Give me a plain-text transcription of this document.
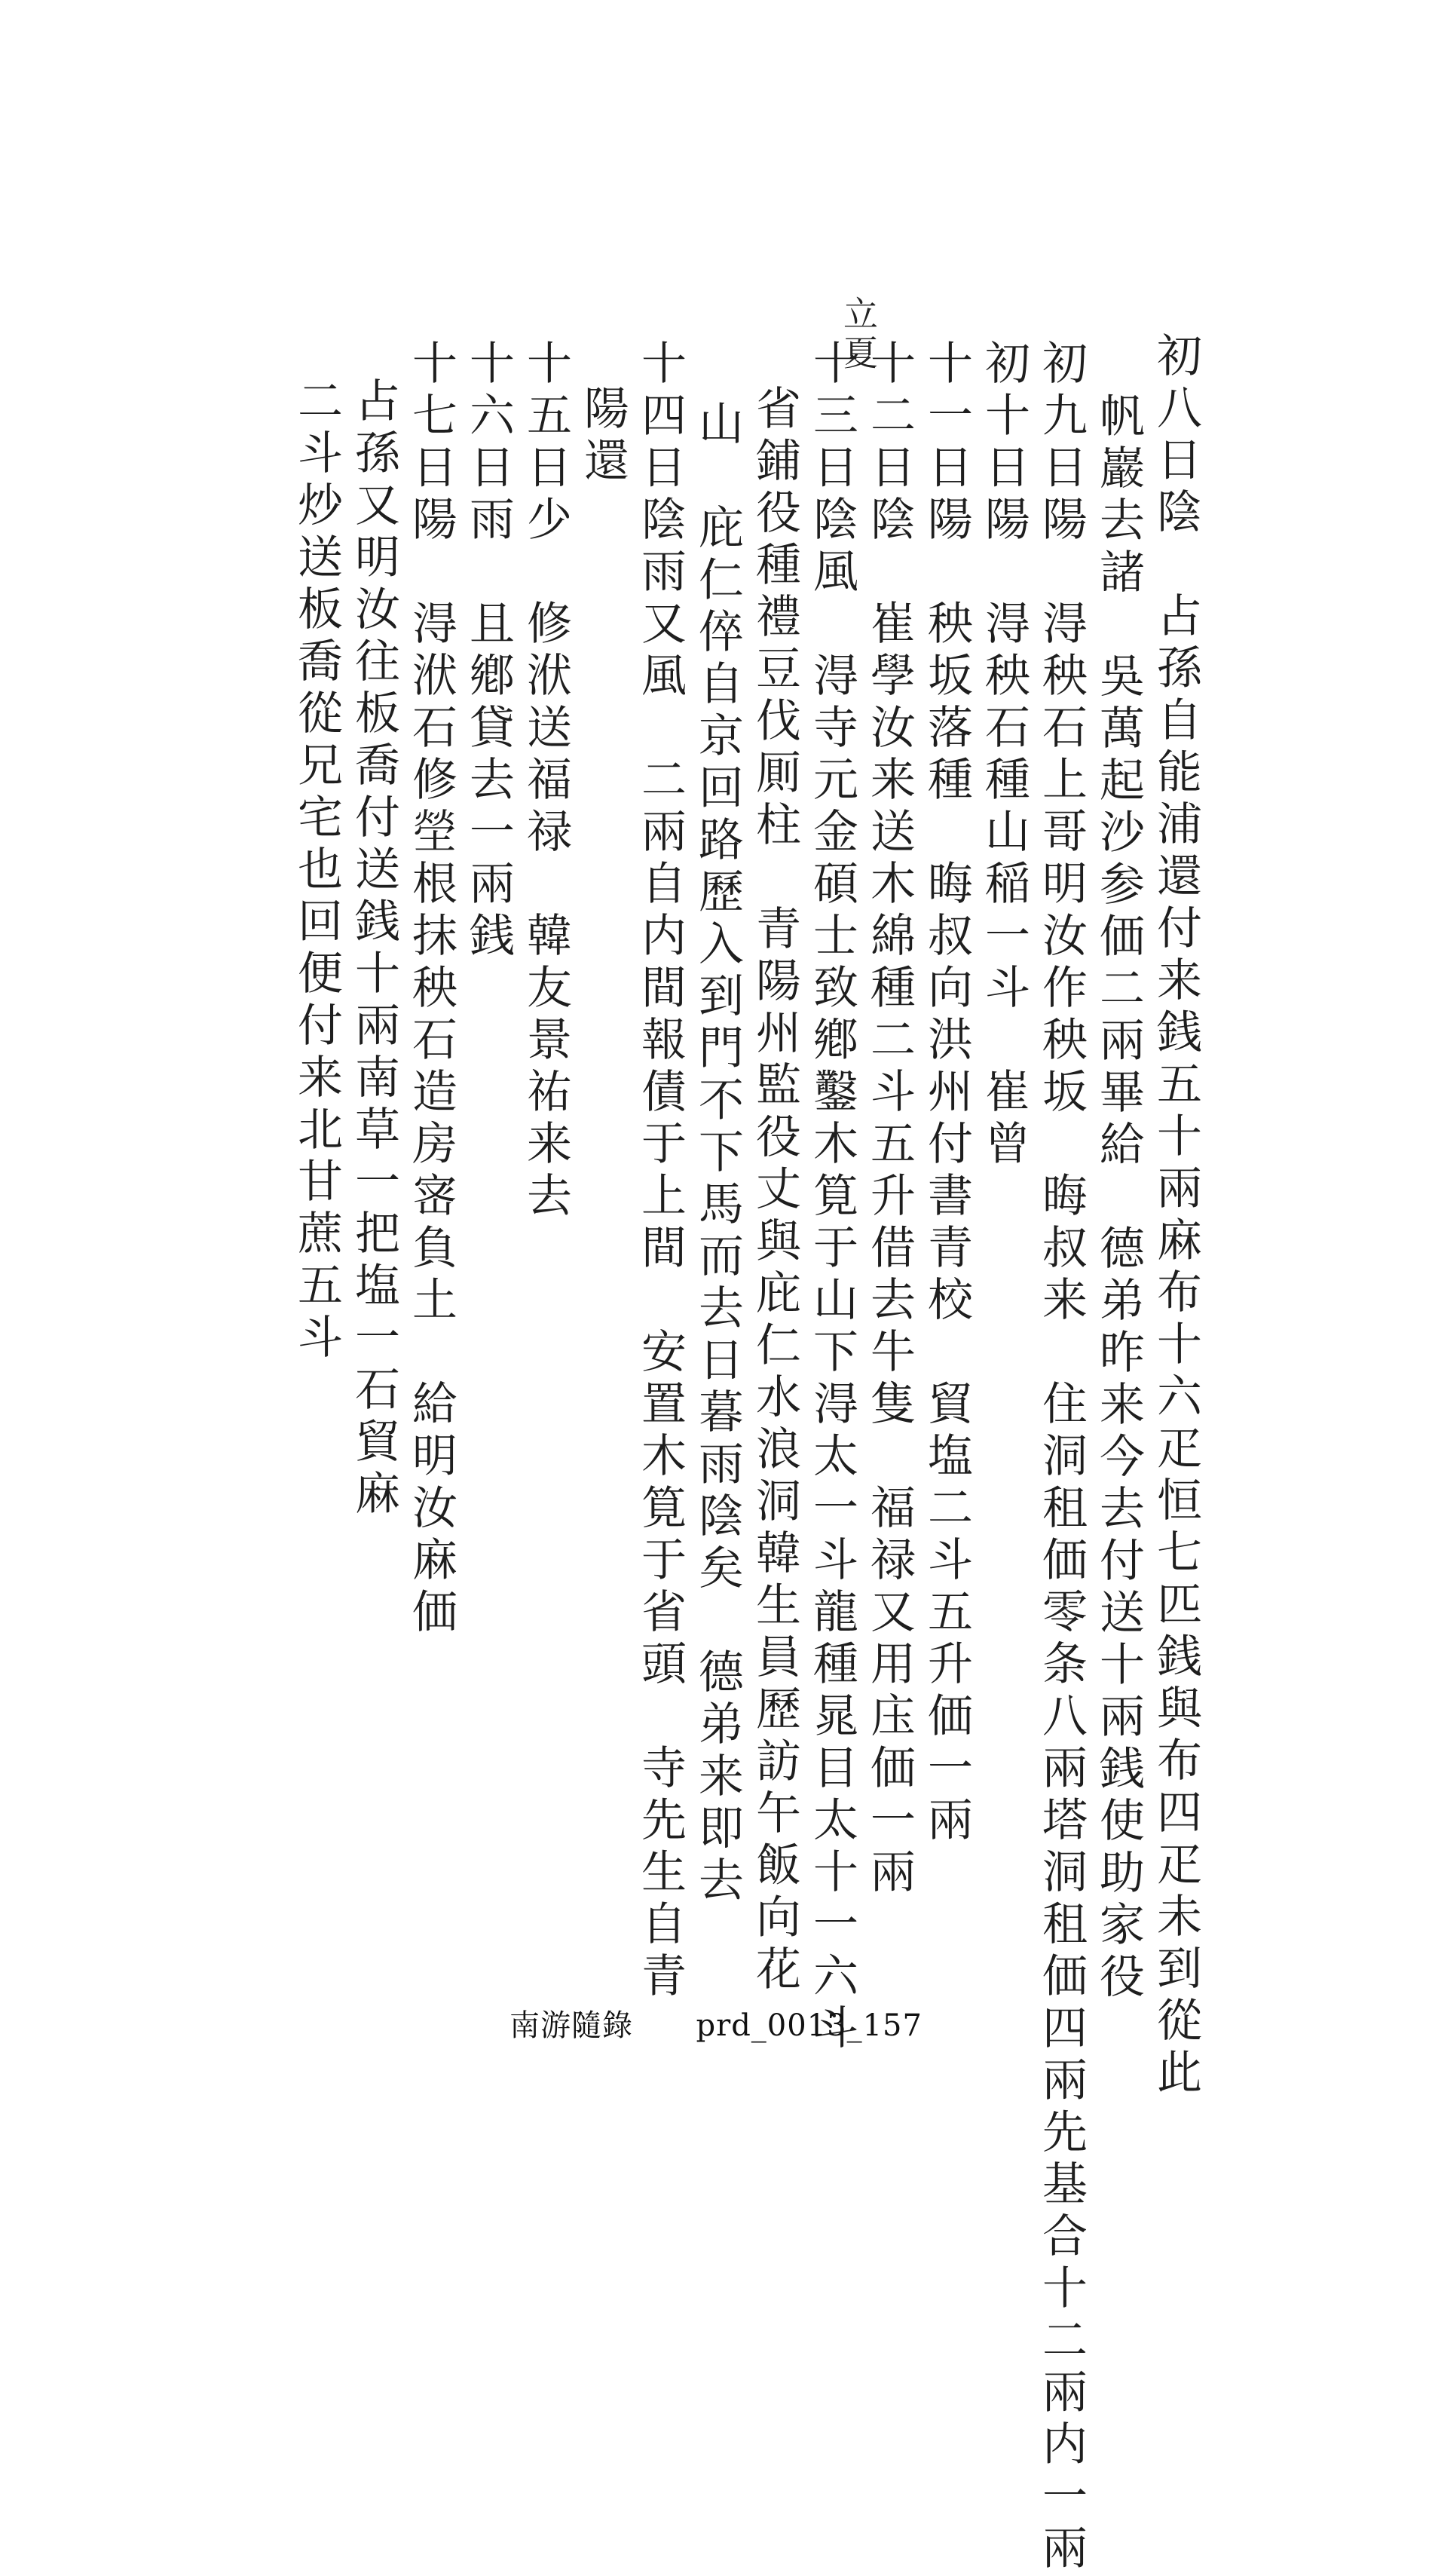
立夏	初八日陰　占孫自能浦還付来銭五十兩麻布十六疋恒七匹銭與布四疋未到從此
帆巖去諸　吳萬起沙参価二兩畢給　德弟昨来今去付送十兩銭使助家役
初九日陽　淂秧石上哥明汝作秧坂　晦叔来　住洞租価零条八兩塔洞租価四兩先基合十二兩内一兩
初十日陽　淂秧石種山稲一斗　崔曾
十一日陽　秧坂落種　晦叔向洪州付書青校　貿塩二斗五升価一兩
十二日陰　崔學汝来送木綿種二斗五升借去牛隻　福禄又用庒価一兩
十三日陰風　淂寺元金碩士致鄕鑿木筧于山下淂太一斗龍種晁目太十一六斗
省鋪役種禮豆伐厠柱　青陽州監役丈與庇仁水浪洞韓生員歷訪午飯向花
山　庇仁倅自京回路歷入到門不下馬而去日暮雨陰矣　德弟来即去
十四日陰雨又風　二兩自内間報債于上間　安置木筧于省頭　寺先生自青
陽還
十五日少　修洑送福禄　韓友景祐来去
十六日雨　且鄕貸去一兩銭
十七日陽　淂洑石修塋根抹秧石造房宻負土　給明汝麻価
占孫又明汝往板喬付送銭十兩南草一把塩一石貿麻
二斗炒送板喬從兄宅也回便付来北甘蔗五斗
南游隨錄 prd_0013_157
